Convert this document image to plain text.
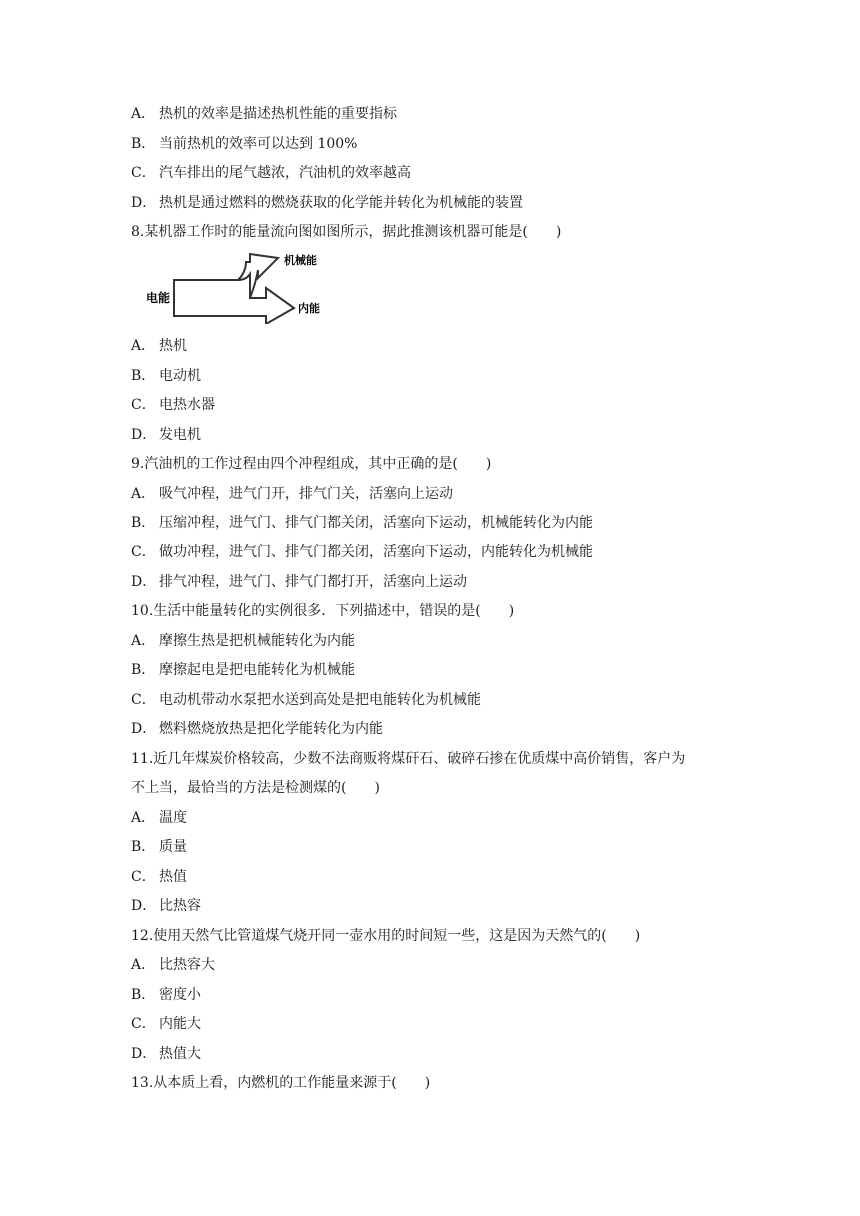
A． 热机的效率是描述热机性能的重要指标
B． 当前热机的效率可以达到 100%
C． 汽车排出的尾气越浓，汽油机的效率越高
D． 热机是通过燃料的燃烧获取的化学能并转化为机械能的装置
8.某机器工作时的能量流向图如图所示，据此推测该机器可能是(　　)
电能
机械能
内能
A． 热机
B． 电动机
C． 电热水器
D． 发电机
9.汽油机的工作过程由四个冲程组成，其中正确的是(　　)
A． 吸气冲程，进气门开，排气门关，活塞向上运动
B． 压缩冲程，进气门、排气门都关闭，活塞向下运动，机械能转化为内能
C． 做功冲程，进气门、排气门都关闭，活塞向下运动，内能转化为机械能
D． 排气冲程，进气门、排气门都打开，活塞向上运动
10.生活中能量转化的实例很多．下列描述中，错误的是(　　)
A． 摩擦生热是把机械能转化为内能
B． 摩擦起电是把电能转化为机械能
C． 电动机带动水泵把水送到高处是把电能转化为机械能
D． 燃料燃烧放热是把化学能转化为内能
11.近几年煤炭价格较高，少数不法商贩将煤矸石、破碎石掺在优质煤中高价销售，客户为
不上当，最恰当的方法是检测煤的(　　)
A． 温度
B． 质量
C． 热值
D． 比热容
12.使用天然气比管道煤气烧开同一壶水用的时间短一些，这是因为天然气的(　　)
A． 比热容大
B． 密度小
C． 内能大
D． 热值大
13.从本质上看，内燃机的工作能量来源于(　　)
